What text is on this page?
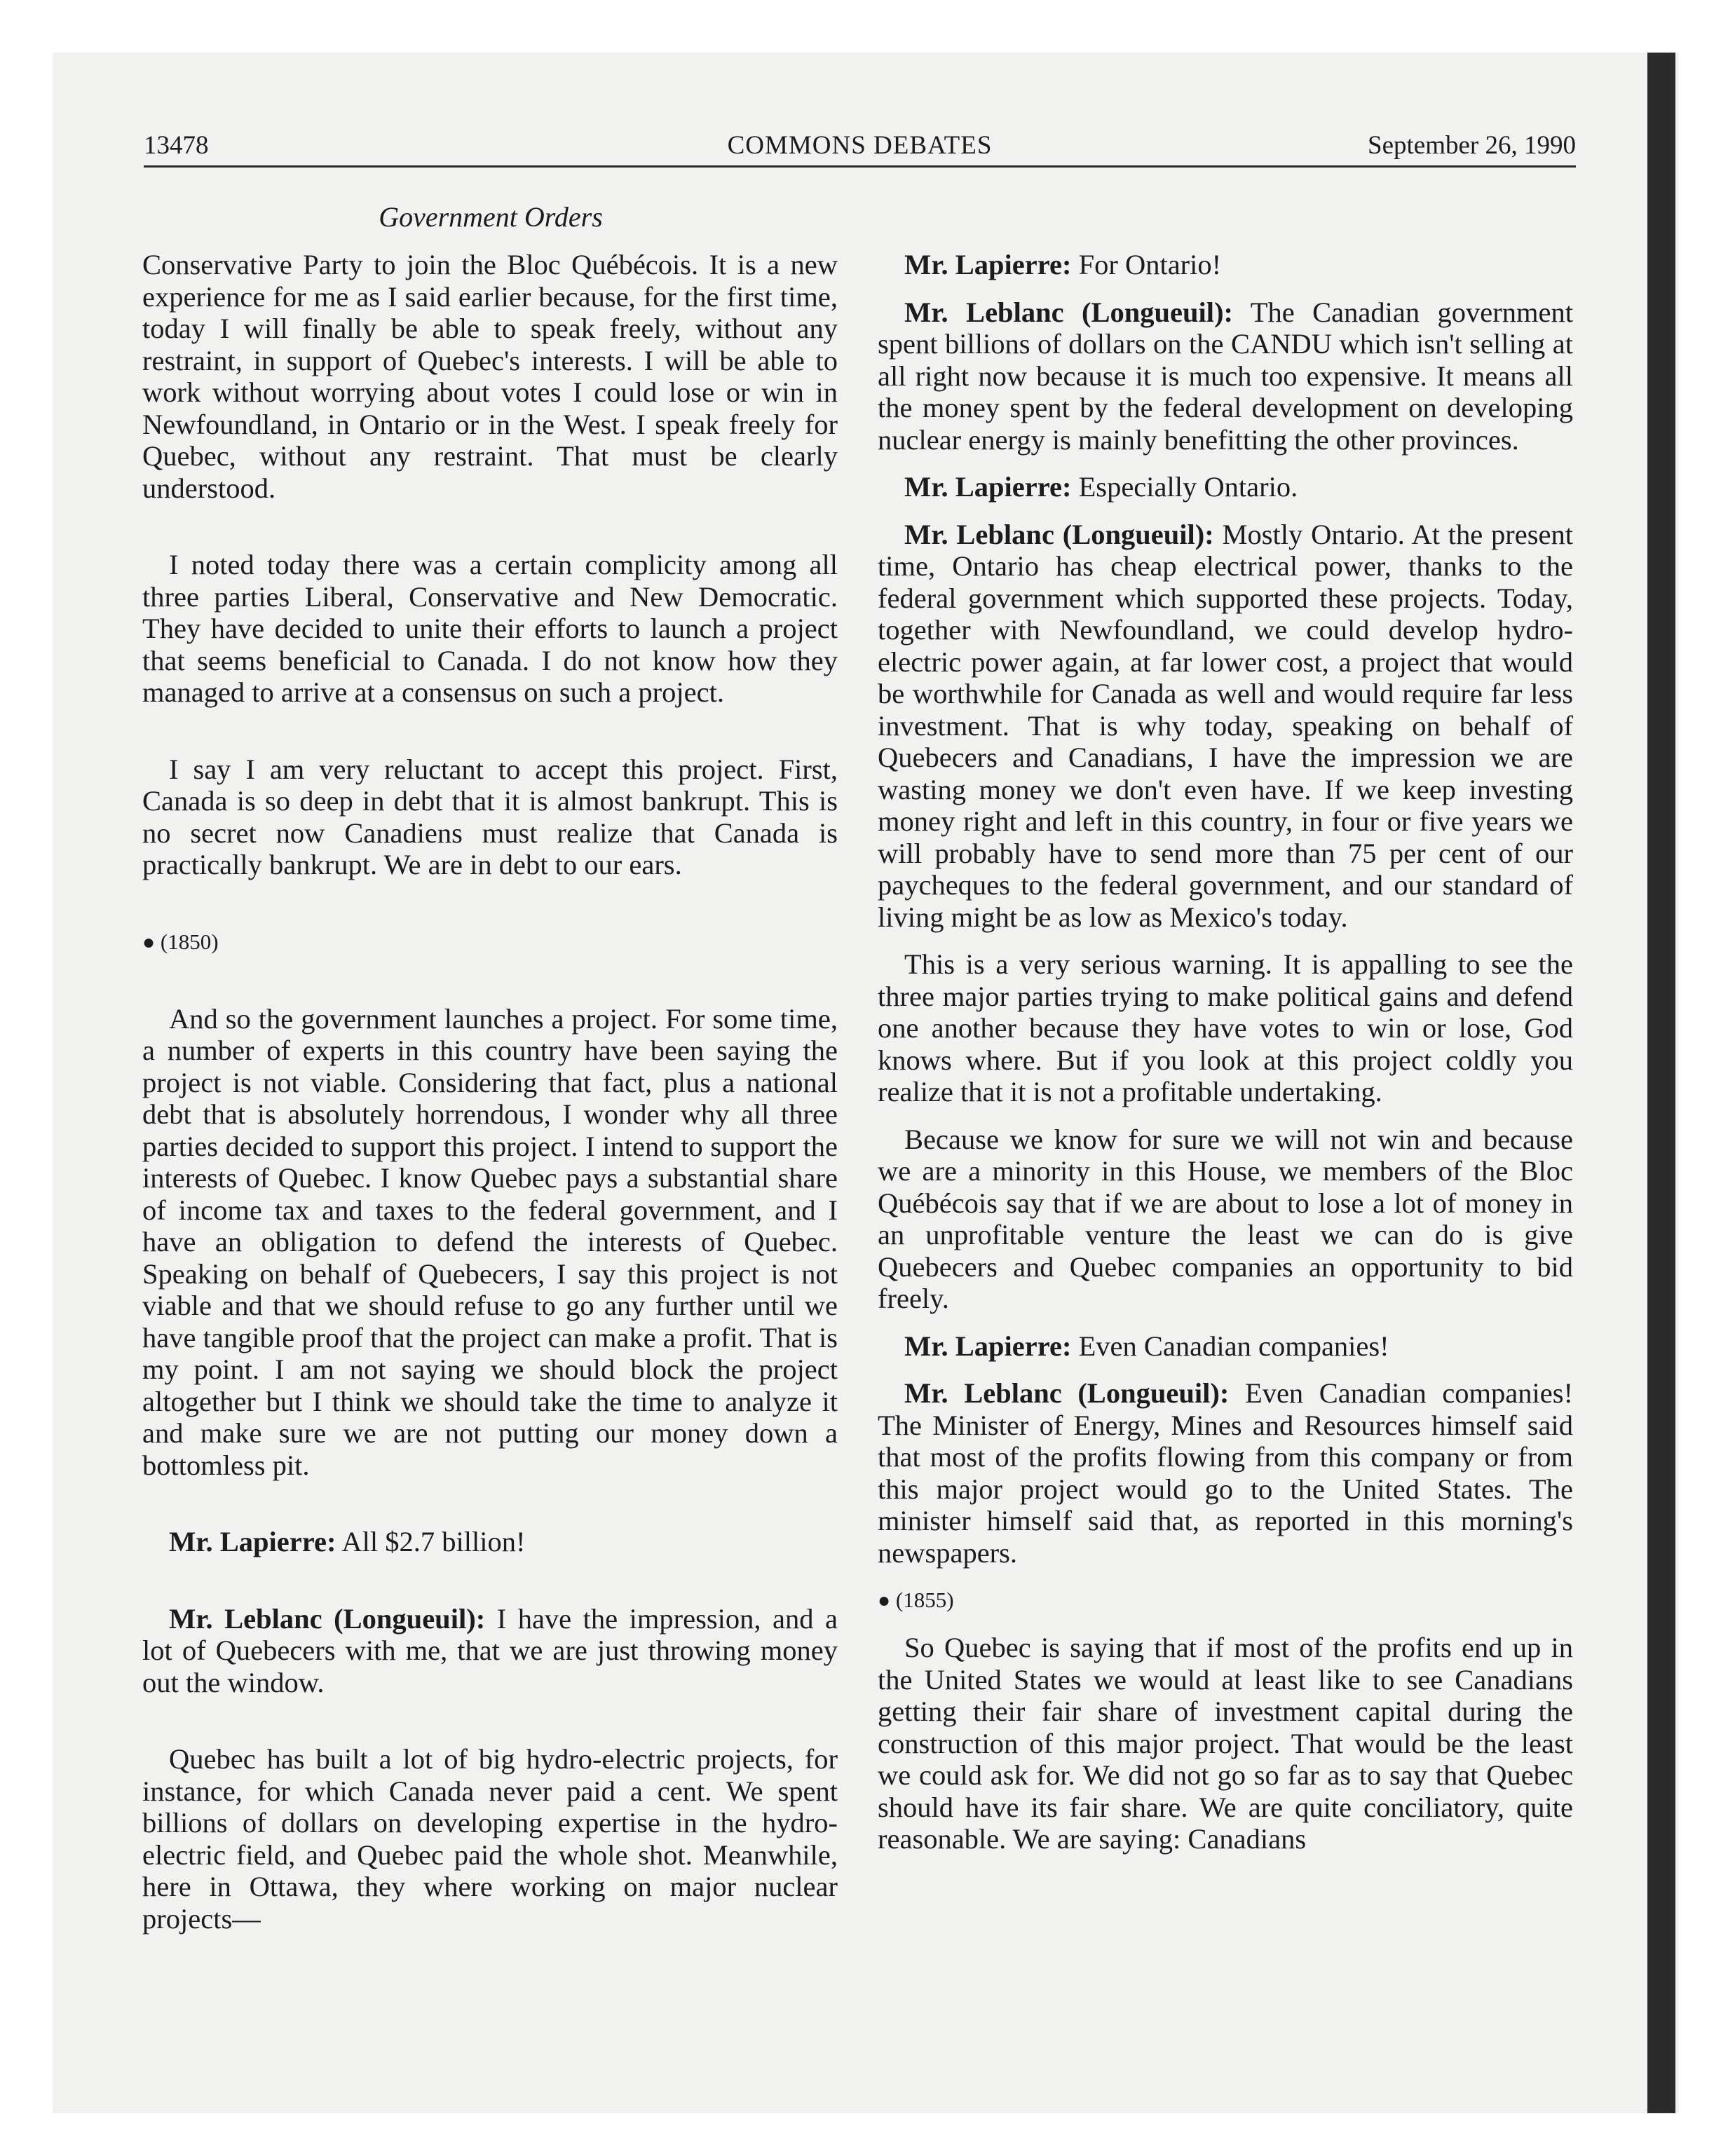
13478	COMMONS DEBATES	September 26, 1990
Government Orders

Conservative Party to join the Bloc Québécois. It is a new experience for me as I said earlier because, for the first time, today I will finally be able to speak freely, without any restraint, in support of Quebec's interests. I will be able to work without worrying about votes I could lose or win in Newfoundland, in Ontario or in the West. I speak freely for Quebec, without any restraint. That must be clearly understood.

I noted today there was a certain complicity among all three parties Liberal, Conservative and New Democratic. They have decided to unite their efforts to launch a project that seems beneficial to Canada. I do not know how they managed to arrive at a consensus on such a project.

I say I am very reluctant to accept this project. First, Canada is so deep in debt that it is almost bankrupt. This is no secret now Canadiens must realize that Canada is practically bankrupt. We are in debt to our ears.

● (1850)

And so the government launches a project. For some time, a number of experts in this country have been saying the project is not viable. Considering that fact, plus a national debt that is absolutely horrendous, I wonder why all three parties decided to support this project. I intend to support the interests of Quebec. I know Quebec pays a substantial share of income tax and taxes to the federal government, and I have an obligation to defend the interests of Quebec. Speaking on behalf of Quebecers, I say this project is not viable and that we should refuse to go any further until we have tangible proof that the project can make a profit. That is my point. I am not saying we should block the project altogether but I think we should take the time to analyze it and make sure we are not putting our money down a bottomless pit.

Mr. Lapierre: All $2.7 billion!

Mr. Leblanc (Longueuil): I have the impression, and a lot of Quebecers with me, that we are just throwing money out the window.

Quebec has built a lot of big hydro-electric projects, for instance, for which Canada never paid a cent. We spent billions of dollars on developing expertise in the hydro-electric field, and Quebec paid the whole shot. Meanwhile, here in Ottawa, they where working on major nuclear projects—

Mr. Lapierre: For Ontario!

Mr. Leblanc (Longueuil): The Canadian government spent billions of dollars on the CANDU which isn't selling at all right now because it is much too expensive. It means all the money spent by the federal development on developing nuclear energy is mainly benefitting the other provinces.

Mr. Lapierre: Especially Ontario.

Mr. Leblanc (Longueuil): Mostly Ontario. At the present time, Ontario has cheap electrical power, thanks to the federal government which supported these projects. Today, together with Newfoundland, we could develop hydro-electric power again, at far lower cost, a project that would be worthwhile for Canada as well and would require far less investment. That is why today, speaking on behalf of Quebecers and Canadians, I have the impression we are wasting money we don't even have. If we keep investing money right and left in this country, in four or five years we will probably have to send more than 75 per cent of our paycheques to the federal government, and our standard of living might be as low as Mexico's today.

This is a very serious warning. It is appalling to see the three major parties trying to make political gains and defend one another because they have votes to win or lose, God knows where. But if you look at this project coldly you realize that it is not a profitable undertaking.

Because we know for sure we will not win and because we are a minority in this House, we members of the Bloc Québécois say that if we are about to lose a lot of money in an unprofitable venture the least we can do is give Quebecers and Quebec companies an opportunity to bid freely.

Mr. Lapierre: Even Canadian companies!

Mr. Leblanc (Longueuil): Even Canadian companies! The Minister of Energy, Mines and Resources himself said that most of the profits flowing from this company or from this major project would go to the United States. The minister himself said that, as reported in this morning's newspapers.

● (1855)

So Quebec is saying that if most of the profits end up in the United States we would at least like to see Canadians getting their fair share of investment capital during the construction of this major project. That would be the least we could ask for. We did not go so far as to say that Quebec should have its fair share. We are quite conciliatory, quite reasonable. We are saying: Canadians
